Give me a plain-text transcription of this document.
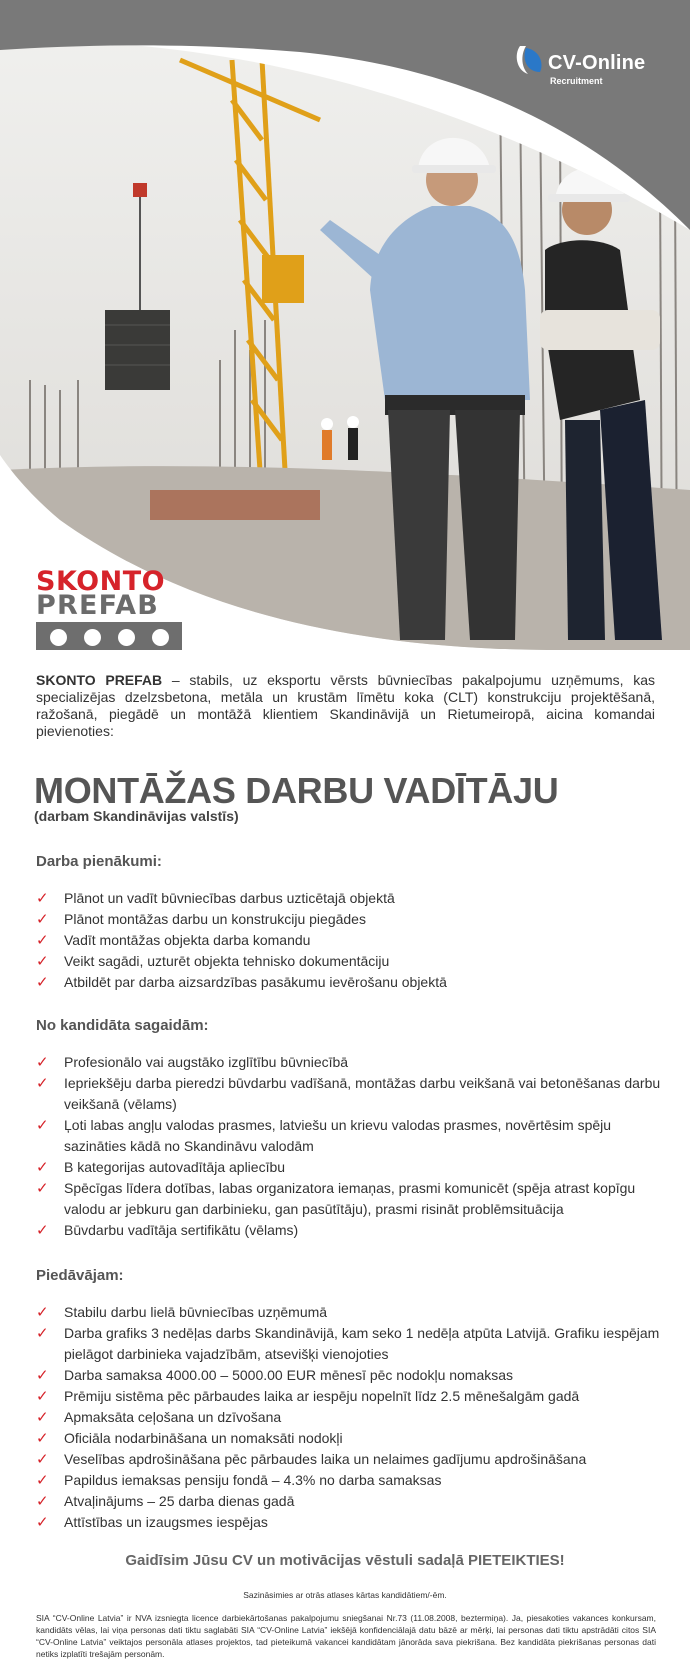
CV-Online
Recruitment
SKONTO
PREFAB

SKONTO PREFAB – stabils, uz eksportu vērsts būvniecības pakalpojumu uzņēmums, kas specializējas dzelzsbetona, metāla un krustām līmētu koka (CLT) konstrukciju projektēšanā, ražošanā, piegādē un montāžā klientiem Skandināvijā un Rietumeiropā, aicina komandai pievienoties:

MONTĀŽAS DARBU VADĪTĀJU
(darbam Skandināvijas valstīs)
Darba pienākumi:
✓ Plānot un vadīt būvniecības darbus uzticētajā objektā
✓ Plānot montāžas darbu un konstrukciju piegādes
✓ Vadīt montāžas objekta darba komandu
✓ Veikt sagādi, uzturēt objekta tehnisko dokumentāciju
✓ Atbildēt par darba aizsardzības pasākumu ievērošanu objektā
No kandidāta sagaidām:
✓ Profesionālo vai augstāko izglītību būvniecībā
✓ Iepriekšēju darba pieredzi būvdarbu vadīšanā, montāžas darbu veikšanā vai betonēšanas darbu veikšanā (vēlams)
✓ Ļoti labas angļu valodas prasmes, latviešu un krievu valodas prasmes, novērtēsim spēju sazināties kādā no Skandināvu valodām
✓ B kategorijas autovadītāja apliecību
✓ Spēcīgas līdera dotības, labas organizatora iemaņas, prasmi komunicēt (spēja atrast kopīgu valodu ar jebkuru gan darbinieku, gan pasūtītāju), prasmi risināt problēmsituācija
✓ Būvdarbu vadītāja sertifikātu (vēlams)
Piedāvājam:
✓ Stabilu darbu lielā būvniecības uzņēmumā
✓ Darba grafiks 3 nedēļas darbs Skandināvijā, kam seko 1 nedēļa atpūta Latvijā. Grafiku iespējam pielāgot darbinieka vajadzībām, atsevišķi vienojoties
✓ Darba samaksa 4000.00 – 5000.00 EUR mēnesī pēc nodokļu nomaksas
✓ Prēmiju sistēma pēc pārbaudes laika ar iespēju nopelnīt līdz 2.5 mēnešalgām gadā
✓ Apmaksāta ceļošana un dzīvošana
✓ Oficiāla nodarbināšana un nomaksāti nodokļi
✓ Veselības apdrošināšana pēc pārbaudes laika un nelaimes gadījumu apdrošināšana
✓ Papildus iemaksas pensiju fondā – 4.3% no darba samaksas
✓ Atvaļinājums – 25 darba dienas gadā
✓ Attīstības un izaugsmes iespējas
Gaidīsim Jūsu CV un motivācijas vēstuli sadaļā PIETEIKTIES!
Sazināsimies ar otrās atlases kārtas kandidātiem/-ēm.

SIA “CV-Online Latvia” ir NVA izsniegta licence darbiekārtošanas pakalpojumu sniegšanai Nr.73 (11.08.2008, beztermiņa). Ja, piesakoties vakances konkursam, kandidāts vēlas, lai viņa personas dati tiktu saglabāti SIA “CV-Online Latvia” iekšējā konfidenciālajā datu bāzē ar mērķi, lai personas dati tiktu apstrādāti citos SIA “CV-Online Latvia” veiktajos personāla atlases projektos, tad pieteikumā vakancei kandidātam jānorāda sava piekrišana. Bez kandidāta piekrišanas personas dati netiks izplatīti trešajām personām.
